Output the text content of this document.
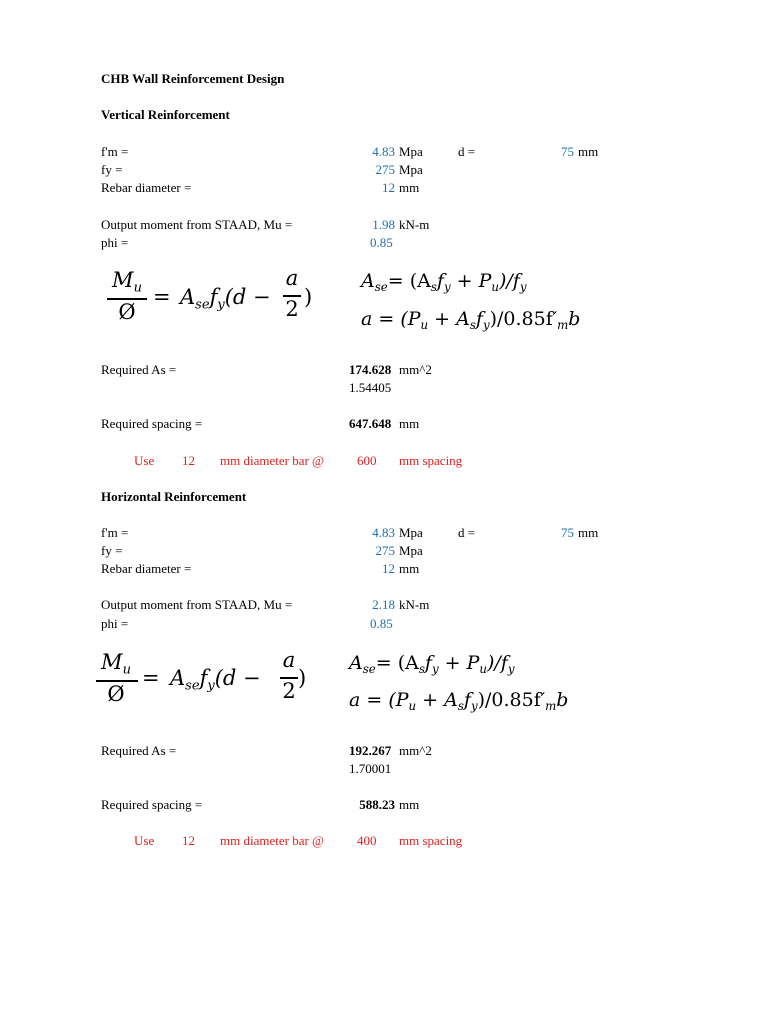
CHB Wall Reinforcement Design
Vertical Reinforcement
f'm =	4.83 Mpa	d =	75 mm
fy =	275 Mpa
Rebar diameter =	12 mm
Output moment from STAAD, Mu =	1.98 kN-m
phi =	0.85
$M_u$
Ø
= $A_{se}f_y(d$ −
a
2 )
$A_{se}= (A_sf_y + P_u)/f_y$
$a = (P_u + A_sf_y)/0.85f'_mb$
Required As =	174.628 mm^2
1.54405
Required spacing =	647.648 mm
Use 12 mm diameter bar @	600 mm spacing
Horizontal Reinforcement
f'm =	4.83 Mpa	d =	75 mm
fy =	275 Mpa
Rebar diameter =	12 mm
Output moment from STAAD, Mu =	2.18 kN-m
phi =	0.85
$M_u$
Ø
= $A_{se}f_y(d$ −
a
2
)
$A_{se}= (A_sf_y + P_u)/f_y$
$a = (P_u + A_sf_y)/0.85f'_mb$
Required As =	192.267 mm^2
1.70001
Required spacing =	588.23 mm
Use 12 mm diameter bar @	400 mm spacing
